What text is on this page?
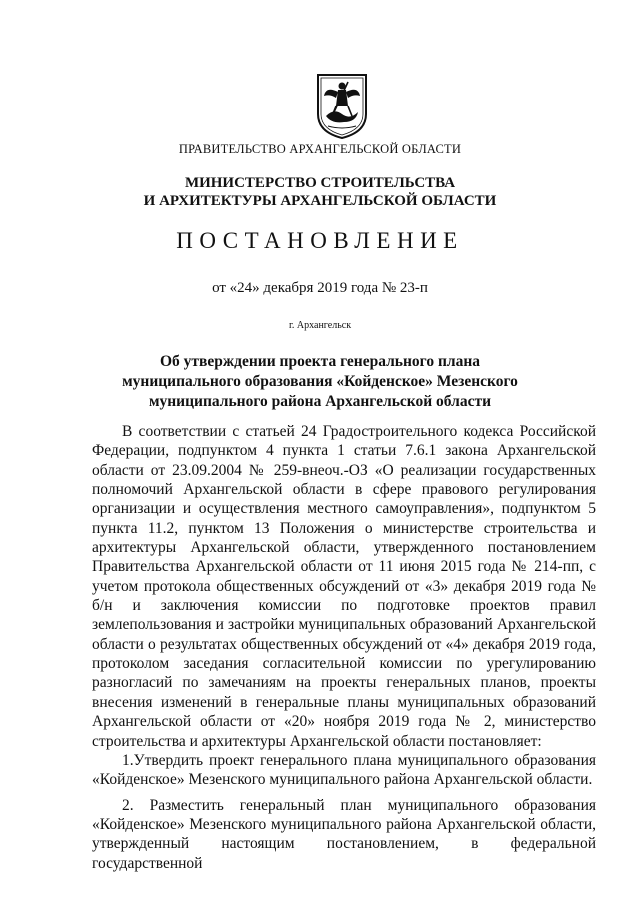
ПРАВИТЕЛЬСТВО АРХАНГЕЛЬСКОЙ ОБЛАСТИ
МИНИСТЕРСТВО СТРОИТЕЛЬСТВА
И АРХИТЕКТУРЫ АРХАНГЕЛЬСКОЙ ОБЛАСТИ
ПОСТАНОВЛЕНИЕ
от «24» декабря 2019 года № 23-п
г. Архангельск
Об утверждении проекта генерального плана
муниципального образования «Койденское» Мезенского
муниципального района Архангельской области

В соответствии с статьей 24 Градостроительного кодекса Российской Федерации, подпунктом 4 пункта 1 статьи 7.6.1 закона Архангельской области от 23.09.2004 № 259-внеоч.-ОЗ «О реализации государственных полномочий Архангельской области в сфере правового регулирования организации и осуществления местного самоуправления», подпунктом 5 пункта 11.2, пунктом 13 Положения о министерстве строительства и архитектуры Архангельской области, утвержденного постановлением Правительства Архангельской области от 11 июня 2015 года № 214-пп, с учетом протокола общественных обсуждений от «3» декабря 2019 года № б/н и заключения комиссии по подготовке проектов правил землепользования и застройки муниципальных образований Архангельской области о результатах общественных обсуждений от «4» декабря 2019 года, протоколом заседания согласительной комиссии по урегулированию разногласий по замечаниям на проекты генеральных планов, проекты внесения изменений в генеральные планы муниципальных образований Архангельской области от «20» ноября 2019 года № 2, министерство строительства и архитектуры Архангельской области постановляет:

1.Утвердить проект генерального плана муниципального образования «Койденское» Мезенского муниципального района Архангельской области.

2. Разместить генеральный план муниципального образования «Койденское» Мезенского муниципального района Архангельской области, утвержденный настоящим постановлением, в федеральной государственной
